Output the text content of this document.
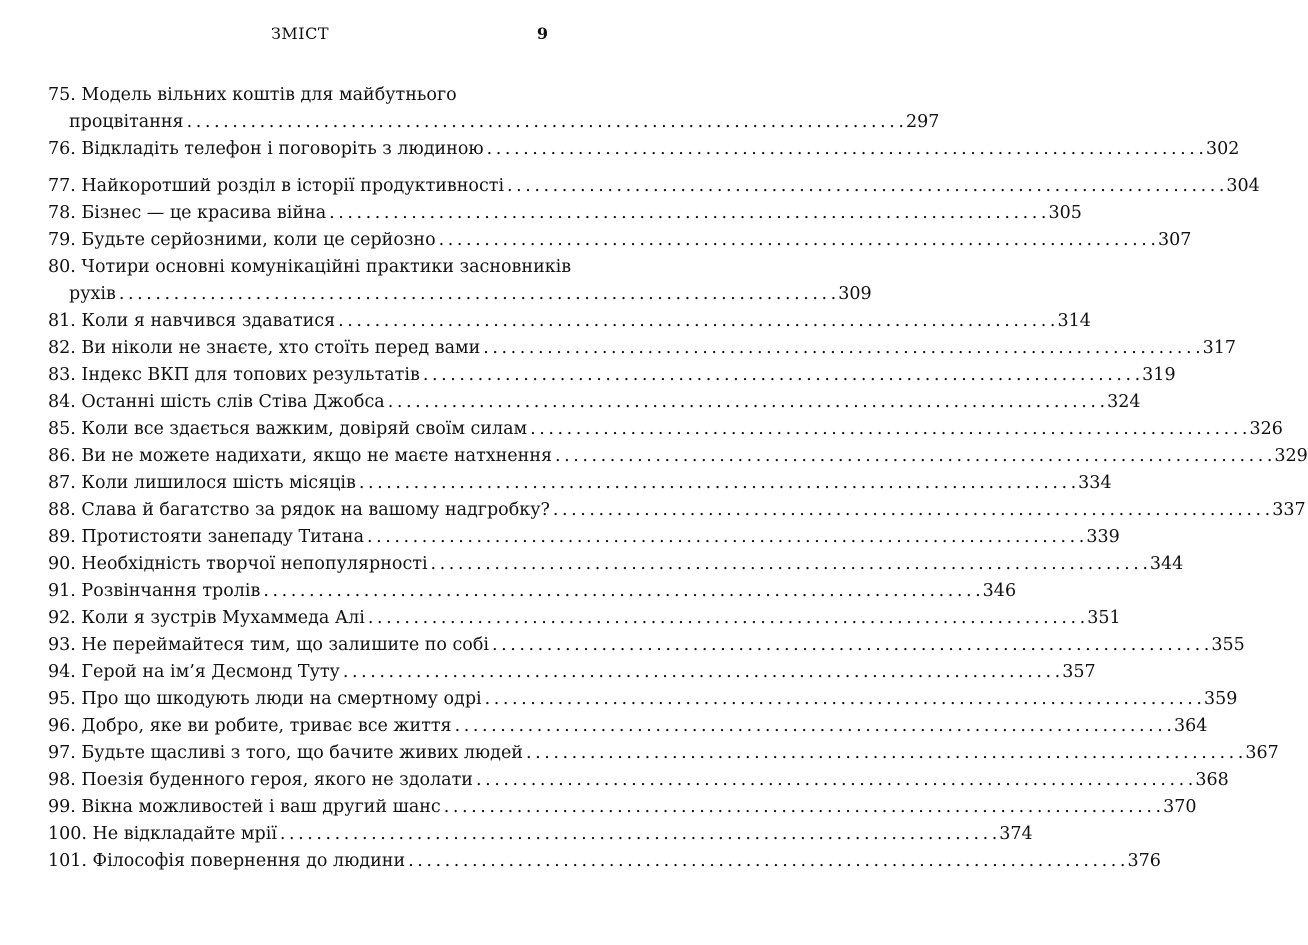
ЗМІСТ	9
75.
Модель вільних коштів для майбутнього
процвітання . . .	297
76.
Відкладіть телефон і поговоріть з людиною . . .	302
77.
Найкоротший розділ в історії продуктивності . . .	304
78.
Бізнес — це красива війна . . .	305
79.
Будьте серйозними, коли це серйозно . . .	307
80.
Чотири основні комунікаційні практики засновників
рухів . . .	309
81.
Коли я навчився здаватися . . .	314
82.
Ви ніколи не знаєте, хто стоїть перед вами . . .	317
83.
Індекс ВКП для топових результатів . . .	319
84.
Останні шість слів Стіва Джобса . . .	324
85.
Коли все здається важким, довіряй своїм силам . . .	326
86.
Ви не можете надихати, якщо не маєте натхнення . . .	329
87.
Коли лишилося шість місяців . . .	334
88.
Слава й багатство за рядок на вашому надгробку? . . .	337
89.
Протистояти занепаду Титана . . .	339
90.
Необхідність творчої непопулярності . . .	344
91.
Розвінчання тролів . . .	346
92.
Коли я зустрів Мухаммеда Алі . . .	351
93.
Не переймайтеся тим, що залишите по собі . . .	355
94.
Герой на ім’я Десмонд Туту . . .	357
95.
Про що шкодують люди на смертному одрі . . .	359
96.
Добро, яке ви робите, триває все життя . . .	364
97.
Будьте щасливі з того, що бачите живих людей . . .	367
98.
Поезія буденного героя, якого не здолати . . .	368
99.
Вікна можливостей і ваш другий шанс . . .	370
100.
Не відкладайте мрії . . .	374
101.
Філософія повернення до людини . . .	376
